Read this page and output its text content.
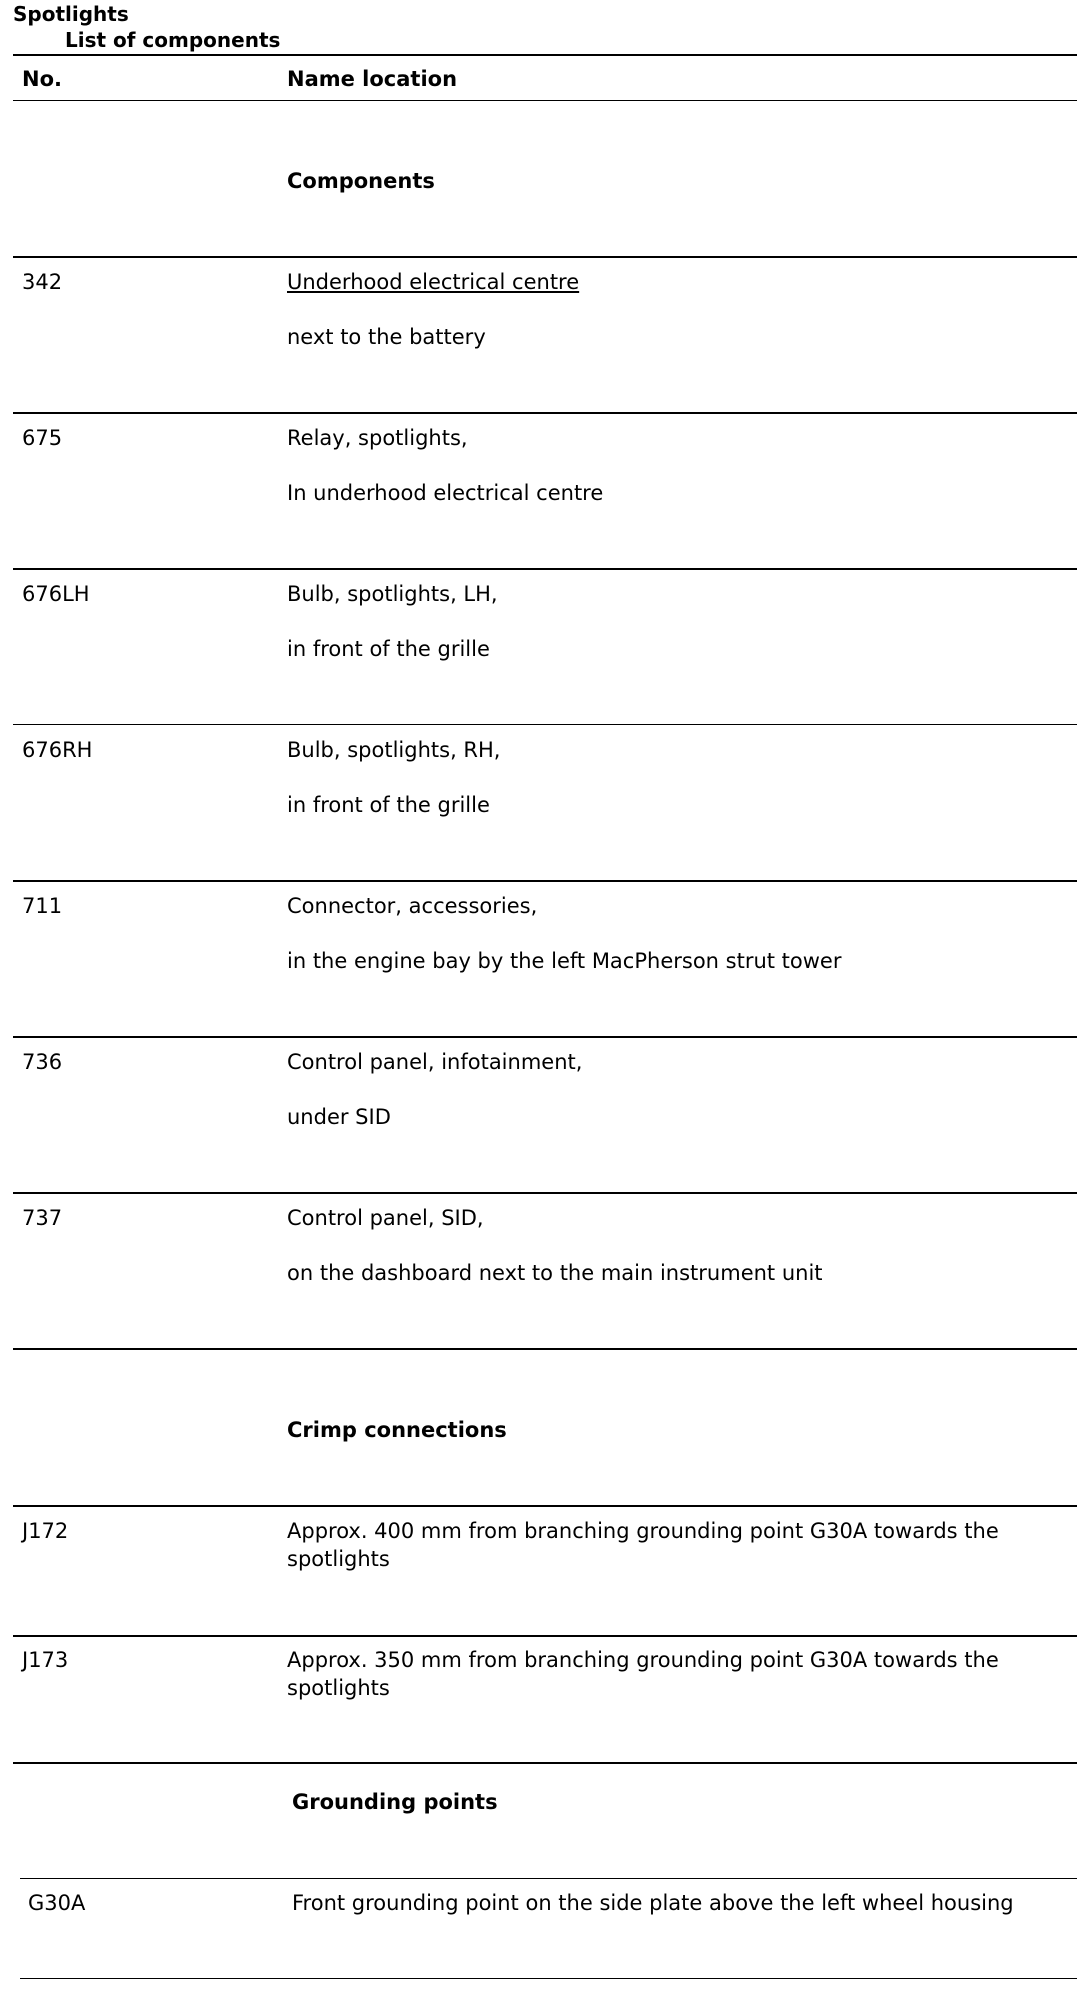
Spotlights
List of components
No.	Name location
Components
342	Underhood electrical centre
next to the battery
675	Relay, spotlights,
In underhood electrical centre
676LH	Bulb, spotlights, LH,
in front of the grille
676RH	Bulb, spotlights, RH,
in front of the grille
711	Connector, accessories,
in the engine bay by the left MacPherson strut tower
736	Control panel, infotainment,
under SID
737	Control panel, SID,
on the dashboard next to the main instrument unit
Crimp connections
J172	Approx. 400 mm from branching grounding point G30A towards the spotlights
J173	Approx. 350 mm from branching grounding point G30A towards the spotlights
Grounding points
G30A	Front grounding point on the side plate above the left wheel housing
